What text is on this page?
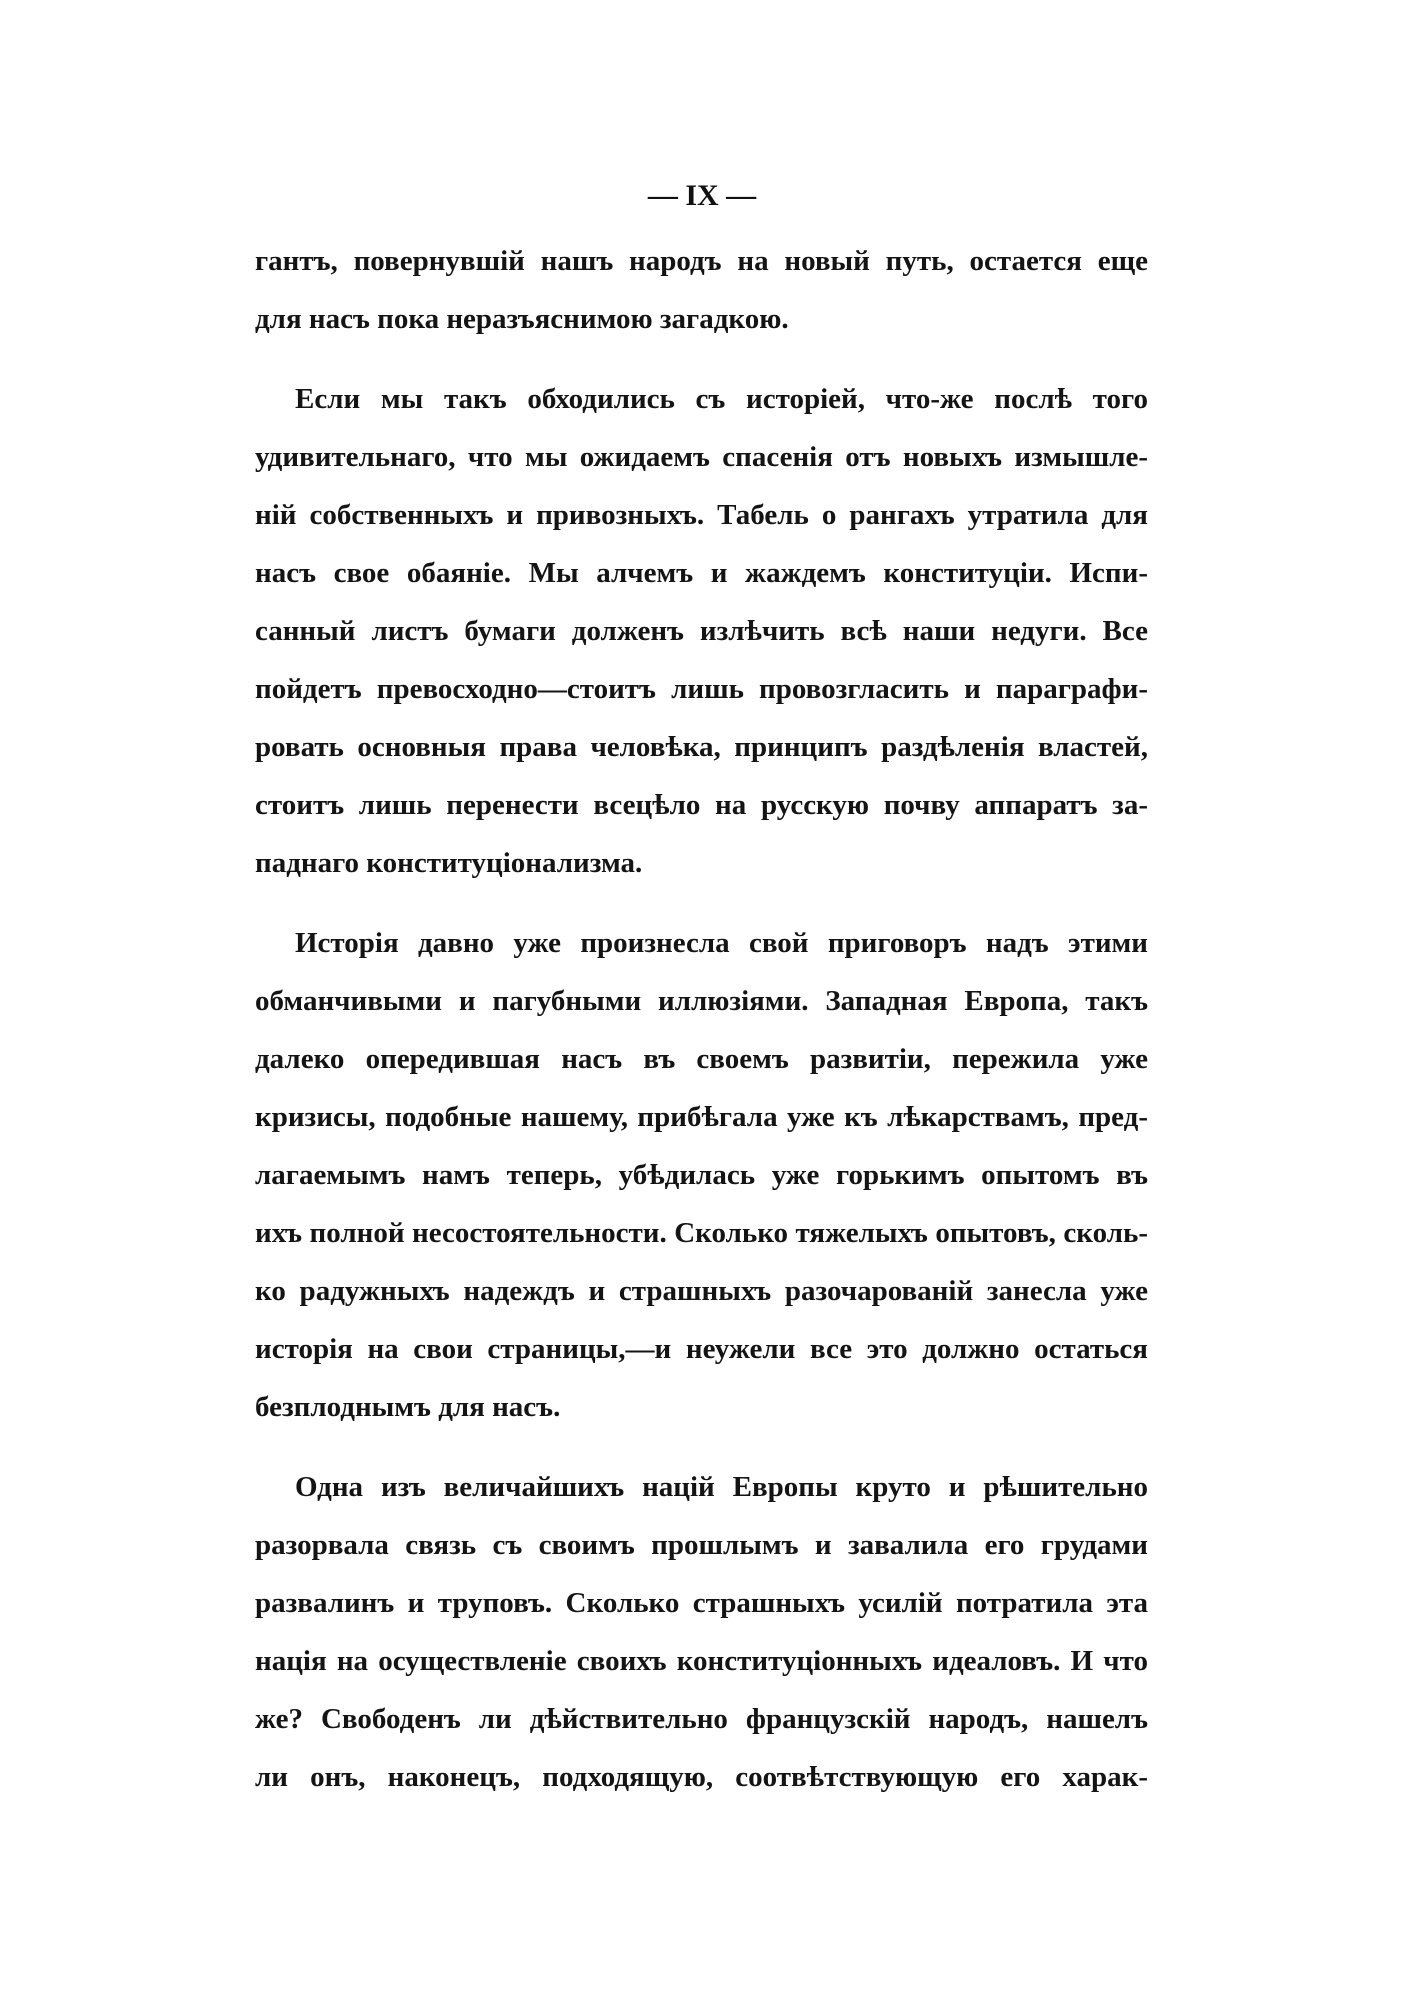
— IX —
гантъ, повернувшій нашъ народъ на новый путь, остается еще
для насъ пока неразъяснимою загадкою.
Если мы такъ обходились съ исторіей, что-же послѣ того
удивительнаго, что мы ожидаемъ спасенія отъ новыхъ измышле-
ній собственныхъ и привозныхъ. Табель о рангахъ утратила для
насъ свое обаяніе. Мы алчемъ и жаждемъ конституціи. Испи-
санный листъ бумаги долженъ излѣчить всѣ наши недуги. Все
пойдетъ превосходно—стоитъ лишь провозгласить и параграфи-
ровать основныя права человѣка, принципъ раздѣленія властей,
стоитъ лишь перенести всецѣло на русскую почву аппаратъ за-
паднаго конституціонализма.
Исторія давно уже произнесла свой приговоръ надъ этими
обманчивыми и пагубными иллюзіями. Западная Европа, такъ
далеко опередившая насъ въ своемъ развитіи, пережила уже
кризисы, подобные нашему, прибѣгала уже къ лѣкарствамъ, пред-
лагаемымъ намъ теперь, убѣдилась уже горькимъ опытомъ въ
ихъ полной несостоятельности. Сколько тяжелыхъ опытовъ, сколь-
ко радужныхъ надеждъ и страшныхъ разочарованій занесла уже
исторія на свои страницы,—и неужели все это должно остаться
безплоднымъ для насъ.
Одна изъ величайшихъ націй Европы круто и рѣшительно
разорвала связь съ своимъ прошлымъ и завалила его грудами
развалинъ и труповъ. Сколько страшныхъ усилій потратила эта
нація на осуществленіе своихъ конституціонныхъ идеаловъ. И что
же? Свободенъ ли дѣйствительно французскій народъ, нашелъ
ли онъ, наконецъ, подходящую, соотвѣтствующую его харак-
